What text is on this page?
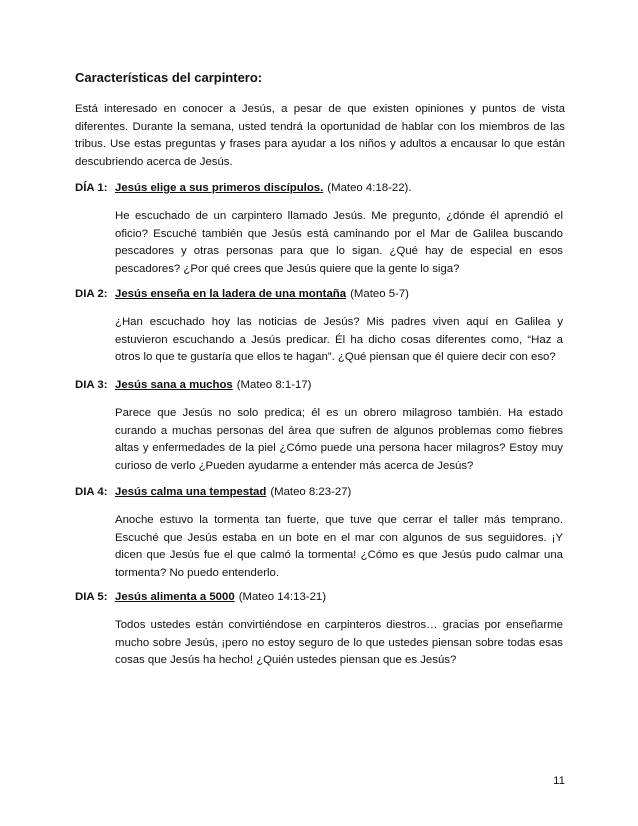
Características del carpintero:
Está interesado en conocer a Jesús, a pesar de que existen opiniones y puntos de vista diferentes. Durante la semana, usted tendrá la oportunidad de hablar con los miembros de las tribus. Use estas preguntas y frases para ayudar a los niños y adultos a encausar lo que están descubriendo acerca de Jesús.
DÍA 1: Jesús elige a sus primeros discípulos. (Mateo 4:18-22).
He escuchado de un carpintero llamado Jesús. Me pregunto, ¿dónde él aprendió el oficio? Escuché también que Jesús está caminando por el Mar de Galilea buscando pescadores y otras personas para que lo sigan. ¿Qué hay de especial en esos pescadores? ¿Por qué crees que Jesús quiere que la gente lo siga?
DIA 2: Jesús enseña en la ladera de una montaña (Mateo 5-7)
¿Han escuchado hoy las noticias de Jesús? Mis padres viven aquí en Galilea y estuvieron escuchando a Jesús predicar. Él ha dicho cosas diferentes como, “Haz a otros lo que te gustaría que ellos te hagan”. ¿Qué piensan que él quiere decir con eso?
DIA 3: Jesús sana a muchos (Mateo 8:1-17)
Parece que Jesús no solo predica; él es un obrero milagroso también. Ha estado curando a muchas personas del área que sufren de algunos problemas como fiebres altas y enfermedades de la piel ¿Cómo puede una persona hacer milagros? Estoy muy curioso de verlo ¿Pueden ayudarme a entender más acerca de Jesús?
DIA 4: Jesús calma una tempestad (Mateo 8:23-27)
Anoche estuvo la tormenta tan fuerte, que tuve que cerrar el taller más temprano. Escuché que Jesús estaba en un bote en el mar con algunos de sus seguidores. ¡Y dicen que Jesús fue el que calmó la tormenta! ¿Cómo es que Jesús pudo calmar una tormenta? No puedo entenderlo.
DIA 5: Jesús alimenta a 5000 (Mateo 14:13-21)
Todos ustedes están convirtiéndose en carpinteros diestros… gracias por enseñarme mucho sobre Jesús, ¡pero no estoy seguro de lo que ustedes piensan sobre todas esas cosas que Jesús ha hecho! ¿Quién ustedes piensan que es Jesús?
11
